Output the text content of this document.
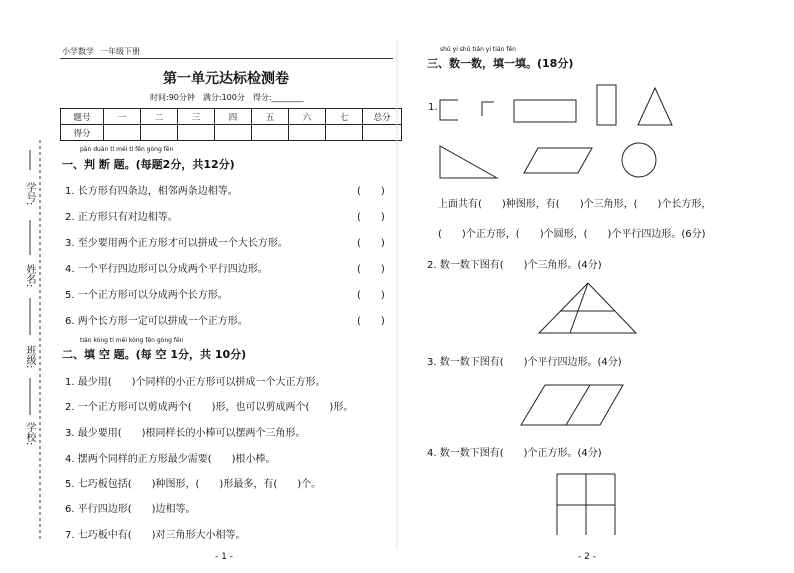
小学数学 一年级下册
第一单元达标检测卷
时间:90分钟　满分:100分　得分:________
题号	一	二	三	四	五	六	七	总分
得分								
学号:
姓名:
班级:
学校:
pàn duàn tí měi tí fēn gòng fēn
一、判 断 题。(每题2分，共12分)
1. 长方形有四条边，相邻两条边相等。
2. 正方形只有对边相等。
3. 至少要用两个正方形才可以拼成一个大长方形。
4. 一个平行四边形可以分成两个平行四边形。
5. 一个正方形可以分成两个长方形。
6. 两个长方形一定可以拼成一个正方形。
(　　)
(　　)
(　　)
(　　)
(　　)
(　　)
tián kòng tí měi kòng fēn gòng fēn
二、填 空 题。(每 空 1分，共 10分)
1. 最少用(　　)个同样的小正方形可以拼成一个大正方形。
2. 一个正方形可以剪成两个(　　)形，也可以剪成两个(　　)形。
3. 最少要用(　　)根同样长的小棒可以摆两个三角形。
4. 摆两个同样的正方形最少需要(　　)根小棒。
5. 七巧板包括(　　)种图形，(　　)形最多，有(　　)个。
6. 平行四边形(　　)边相等。
7. 七巧板中有(　　)对三角形大小相等。
- 1 -
shǔ yi shǔ tián yi tián fēn
三、数一数，填一填。(18分)
1.
上面共有(　　)种图形，有(　　)个三角形，(　　)个长方形，
(　　)个正方形，(　　)个圆形，(　　)个平行四边形。(6分)
2. 数一数下图有(　　)个三角形。(4分)
3. 数一数下图有(　　)个平行四边形。(4分)
4. 数一数下图有(　　)个正方形。(4分)
- 2 -
